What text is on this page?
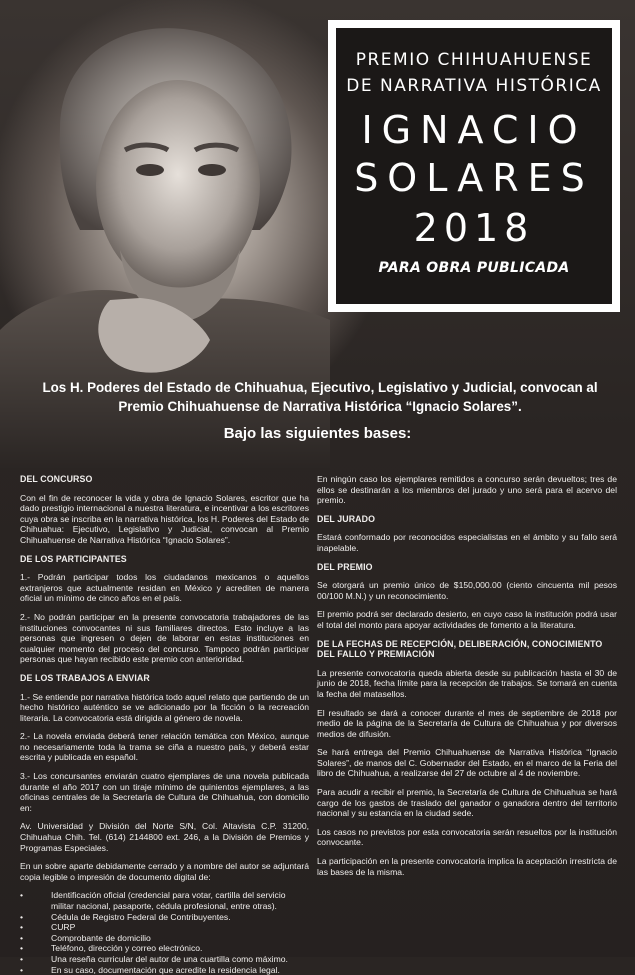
PREMIO CHIHUAHUENSE
DE NARRATIVA HISTÓRICA
IGNACIO
SOLARES
2018
PARA OBRA PUBLICADA
Los H. Poderes del Estado de Chihuahua, Ejecutivo, Legislativo y Judicial, convocan al
Premio Chihuahuense de Narrativa Histórica “Ignacio Solares”.
Bajo las siguientes bases:
DEL CONCURSO
Con el fin de reconocer la vida y obra de Ignacio Solares, escritor que ha dado prestigio internacional a nuestra literatura, e incentivar a los escritores cuya obra se inscriba en la narrativa histórica, los H. Poderes del Estado de Chihuahua: Ejecutivo, Legislativo y Judicial, convocan al Premio Chihuahuense de Narrativa Histórica “Ignacio Solares”.
DE LOS PARTICIPANTES
1.- Podrán participar todos los ciudadanos mexicanos o aquellos extranjeros que actualmente residan en México y acrediten de manera oficial un mínimo de cinco años en el país.
2.- No podrán participar en la presente convocatoria trabajadores de las instituciones convocantes ni sus familiares directos. Esto incluye a las personas que ingresen o dejen de laborar en estas instituciones en cualquier momento del proceso del concurso. Tampoco podrán participar personas que hayan recibido este premio con anterioridad.
DE LOS TRABAJOS A ENVIAR
1.- Se entiende por narrativa histórica todo aquel relato que partiendo de un hecho histórico auténtico se ve adicionado por la ficción o la recreación literaria. La convocatoria está dirigida al género de novela.
2.- La novela enviada deberá tener relación temática con México, aunque no necesariamente toda la trama se ciña a nuestro país, y deberá estar escrita y publicada en español.
3.- Los concursantes enviarán cuatro ejemplares de una novela publicada durante el año 2017 con un tiraje mínimo de quinientos ejemplares, a las oficinas centrales de la Secretaría de Cultura de Chihuahua, con domicilio en:
Av. Universidad y División del Norte S/N, Col. Altavista C.P. 31200, Chihuahua Chih. Tel. (614) 2144800 ext. 246, a la División de Premios y Programas Especiales.
En un sobre aparte debidamente cerrado y a nombre del autor se adjuntará copia legible o impresión de documento digital de:
•	Identificación oficial (credencial para votar, cartilla del servicio militar nacional, pasaporte, cédula profesional, entre otras).
•	Cédula de Registro Federal de Contribuyentes.
•	CURP
•	Comprobante de domicilio
•	Teléfono, dirección y correo electrónico.
•	Una reseña curricular del autor de una cuartilla como máximo.
•	En su caso, documentación que acredite la residencia legal.
En ningún caso los ejemplares remitidos a concurso serán devueltos; tres de ellos se destinarán a los miembros del jurado y uno será para el acervo del premio.
DEL JURADO
Estará conformado por reconocidos especialistas en el ámbito y su fallo será inapelable.
DEL PREMIO
Se otorgará un premio único de $150,000.00 (ciento cincuenta mil pesos 00/100 M.N.) y un reconocimiento.
El premio podrá ser declarado desierto, en cuyo caso la institución podrá usar el total del monto para apoyar actividades de fomento a la literatura.
DE LA FECHAS DE RECEPCIÓN, DELIBERACIÓN, CONOCIMIENTO DEL FALLO Y PREMIACIÓN
La presente convocatoria queda abierta desde su publicación hasta el 30 de junio de 2018, fecha límite para la recepción de trabajos. Se tomará en cuenta la fecha del matasellos.
El resultado se dará a conocer durante el mes de septiembre de 2018 por medio de la página de la Secretaría de Cultura de Chihuahua y por diversos medios de difusión.
Se hará entrega del Premio Chihuahuense de Narrativa Histórica “Ignacio Solares”, de manos del C. Gobernador del Estado, en el marco de la Feria del libro de Chihuahua, a realizarse del 27 de octubre al 4 de noviembre.
Para acudir a recibir el premio, la Secretaría de Cultura de Chihuahua se hará cargo de los gastos de traslado del ganador o ganadora dentro del territorio nacional y su estancia en la ciudad sede.
Los casos no previstos por esta convocatoria serán resueltos por la institución convocante.
La participación en la presente convocatoria implica la aceptación irrestricta de las bases de la misma.
